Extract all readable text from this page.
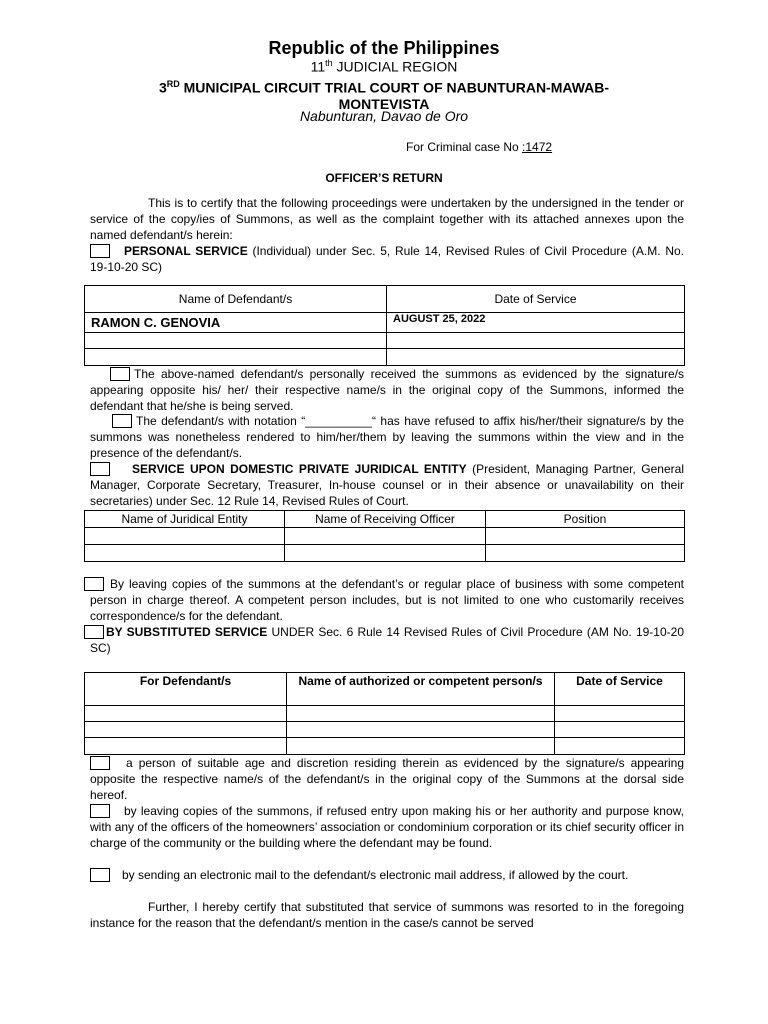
Republic of the Philippines
11th JUDICIAL REGION
3RD MUNICIPAL CIRCUIT TRIAL COURT OF NABUNTURAN-MAWAB-
MONTEVISTA
Nabunturan, Davao de Oro
For Criminal case No :1472
OFFICER’S RETURN
This is to certify that the following proceedings were undertaken by the undersigned in the tender or service of the copy/ies of Summons, as well as the complaint together with its attached annexes upon the named defendant/s herein:
PERSONAL SERVICE (Individual) under Sec. 5, Rule 14, Revised Rules of Civil Procedure (A.M. No. 19-10-20 SC)
Name of Defendant/s	Date of Service
RAMON C. GENOVIA	AUGUST 25, 2022

The above-named defendant/s personally received the summons as evidenced by the signature/s appearing opposite his/ her/ their respective name/s in the original copy of the Summons, informed the defendant that he/she is being served.
The defendant/s with notation “__________“ has have refused to affix his/her/their signature/s by the summons was nonetheless rendered to him/her/them by leaving the summons within the view and in the presence of the defendant/s.
SERVICE UPON DOMESTIC PRIVATE JURIDICAL ENTITY (President, Managing Partner, General Manager, Corporate Secretary, Treasurer, In-house counsel or in their absence or unavailability on their secretaries) under Sec. 12 Rule 14, Revised Rules of Court.
Name of Juridical Entity	Name of Receiving Officer	Position

By leaving copies of the summons at the defendant’s or regular place of business with some competent person in charge thereof. A competent person includes, but is not limited to one who customarily receives correspondence/s for the defendant.
BY SUBSTITUTED SERVICE UNDER Sec. 6 Rule 14 Revised Rules of Civil Procedure (AM No. 19-10-20 SC)
For Defendant/s	Name of authorized or competent person/s	Date of Service

a person of suitable age and discretion residing therein as evidenced by the signature/s appearing opposite the respective name/s of the defendant/s in the original copy of the Summons at the dorsal side hereof.
by leaving copies of the summons, if refused entry upon making his or her authority and purpose know, with any of the officers of the homeowners’ association or condominium corporation or its chief security officer in charge of the community or the building where the defendant may be found.
by sending an electronic mail to the defendant/s electronic mail address, if allowed by the court.
Further, I hereby certify that substituted that service of summons was resorted to in the foregoing instance for the reason that the defendant/s mention in the case/s cannot be served
